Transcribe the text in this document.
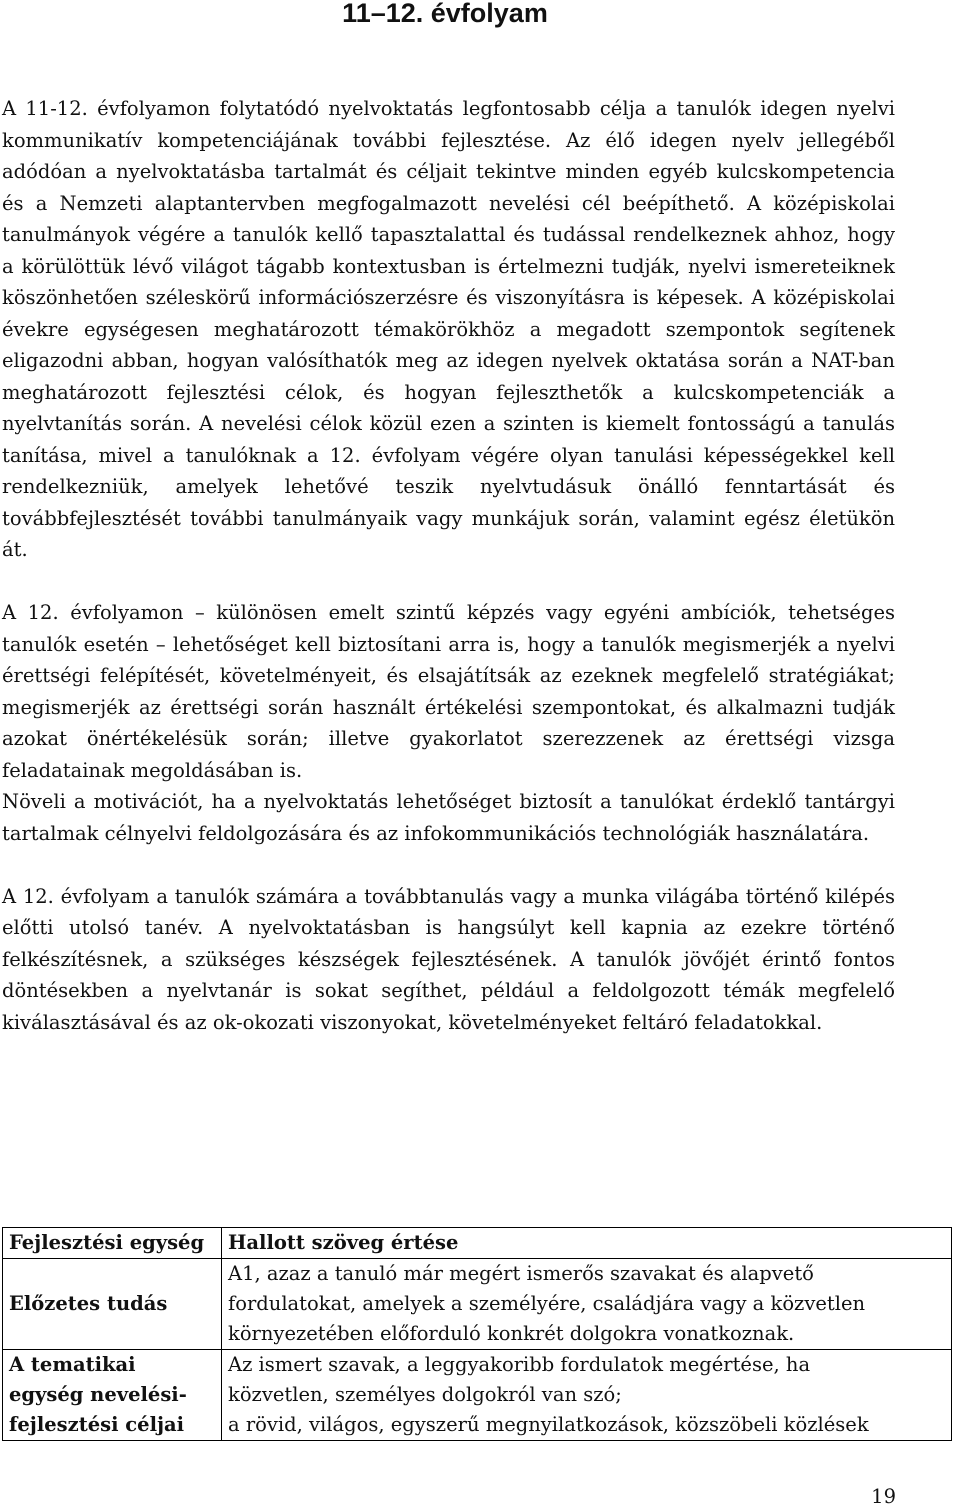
11–12. évfolyam

A 11-12. évfolyamon folytatódó nyelvoktatás legfontosabb célja a tanulók idegen nyelvi kommunikatív kompetenciájának további fejlesztése. Az élő idegen nyelv jellegéből adódóan a nyelvoktatásba tartalmát és céljait tekintve minden egyéb kulcskompetencia és a Nemzeti alaptantervben megfogalmazott nevelési cél beépíthető. A középiskolai tanulmányok végére a tanulók kellő tapasztalattal és tudással rendelkeznek ahhoz, hogy a körülöttük lévő világot tágabb kontextusban is értelmezni tudják, nyelvi ismereteiknek köszönhetően széleskörű információszerzésre és viszonyításra is képesek. A középiskolai évekre egységesen meghatározott témakörökhöz a megadott szempontok segítenek eligazodni abban, hogyan valósíthatók meg az idegen nyelvek oktatása során a NAT-ban meghatározott fejlesztési célok, és hogyan fejleszthetők a kulcskompetenciák a nyelvtanítás során. A nevelési célok közül ezen a szinten is kiemelt fontosságú a tanulás tanítása, mivel a tanulóknak a 12. évfolyam végére olyan tanulási képességekkel kell rendelkezniük, amelyek lehetővé teszik nyelvtudásuk önálló fenntartását és továbbfejlesztését további tanulmányaik vagy munkájuk során, valamint egész életükön át.

A 12. évfolyamon – különösen emelt szintű képzés vagy egyéni ambíciók, tehetséges tanulók esetén – lehetőséget kell biztosítani arra is, hogy a tanulók megismerjék a nyelvi érettségi felépítését, követelményeit, és elsajátítsák az ezeknek megfelelő stratégiákat; megismerjék az érettségi során használt értékelési szempontokat, és alkalmazni tudják azokat önértékelésük során; illetve gyakorlatot szerezzenek az érettségi vizsga feladatainak megoldásában is.

Növeli a motivációt, ha a nyelvoktatás lehetőséget biztosít a tanulókat érdeklő tantárgyi tartalmak célnyelvi feldolgozására és az infokommunikációs technológiák használatára.

A 12. évfolyam a tanulók számára a továbbtanulás vagy a munka világába történő kilépés előtti utolsó tanév. A nyelvoktatásban is hangsúlyt kell kapnia az ezekre történő felkészítésnek, a szükséges készségek fejlesztésének. A tanulók jövőjét érintő fontos döntésekben a nyelvtanár is sokat segíthet, például a feldolgozott témák megfelelő kiválasztásával és az ok-okozati viszonyokat, követelményeket feltáró feladatokkal.

Fejlesztési egység	Hallott szöveg értése
Előzetes tudás	A1, azaz a tanuló már megért ismerős szavakat és alapvető
fordulatokat, amelyek a személyére, családjára vagy a közvetlen
környezetében előforduló konkrét dolgokra vonatkoznak.

A tematikai egység nevelési-fejlesztési céljai	Az ismert szavak, a leggyakoribb fordulatok megértése, ha
közvetlen, személyes dolgokról van szó;
a rövid, világos, egyszerű megnyilatkozások, közszöbeli közlések
19
